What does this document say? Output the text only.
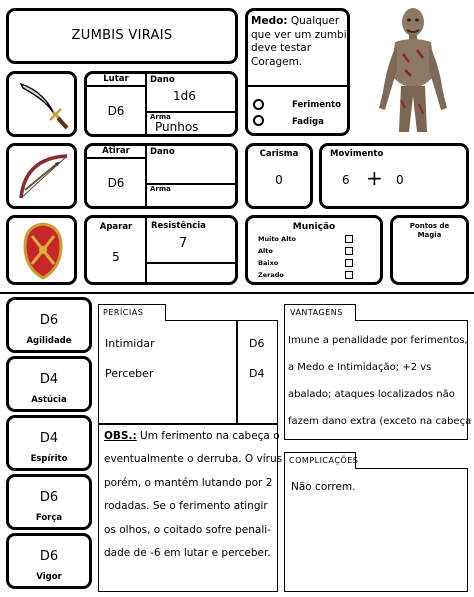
ZUMBIS VIRAIS
Medo: Qualquer que ver um zumbi deve testar Coragem.
Ferimento
Fadiga
Lutar
D6
Dano
1d6
Arma
Punhos
Atirar
D6
Dano
Arma
Carisma
0
Movimento
6 + 0
Aparar
5
Resistência
7
Munição
Muito Alto
Alto
Baixo
Zerado
Pontos de Magia
D6
Agilidade
D4
Astúcia
D4
Espírito
D6
Força
D6
Vigor
Intimidar	D6
Perceber	D4
OBS.: Um ferimento na cabeça o
eventualmente o derruba. O vírus
porém, o mantém lutando por 2
rodadas. Se o ferimento atingir
os olhos, o coitado sofre penali-
dade de -6 em lutar e perceber.
PERÍCIAS
Imune a penalidade por ferimentos,
a Medo e Intimidação; +2 vs
abalado; ataques localizados não
fazem dano extra (exceto na cabeça
VANTAGENS
Não correm.
COMPLICAÇÕES
